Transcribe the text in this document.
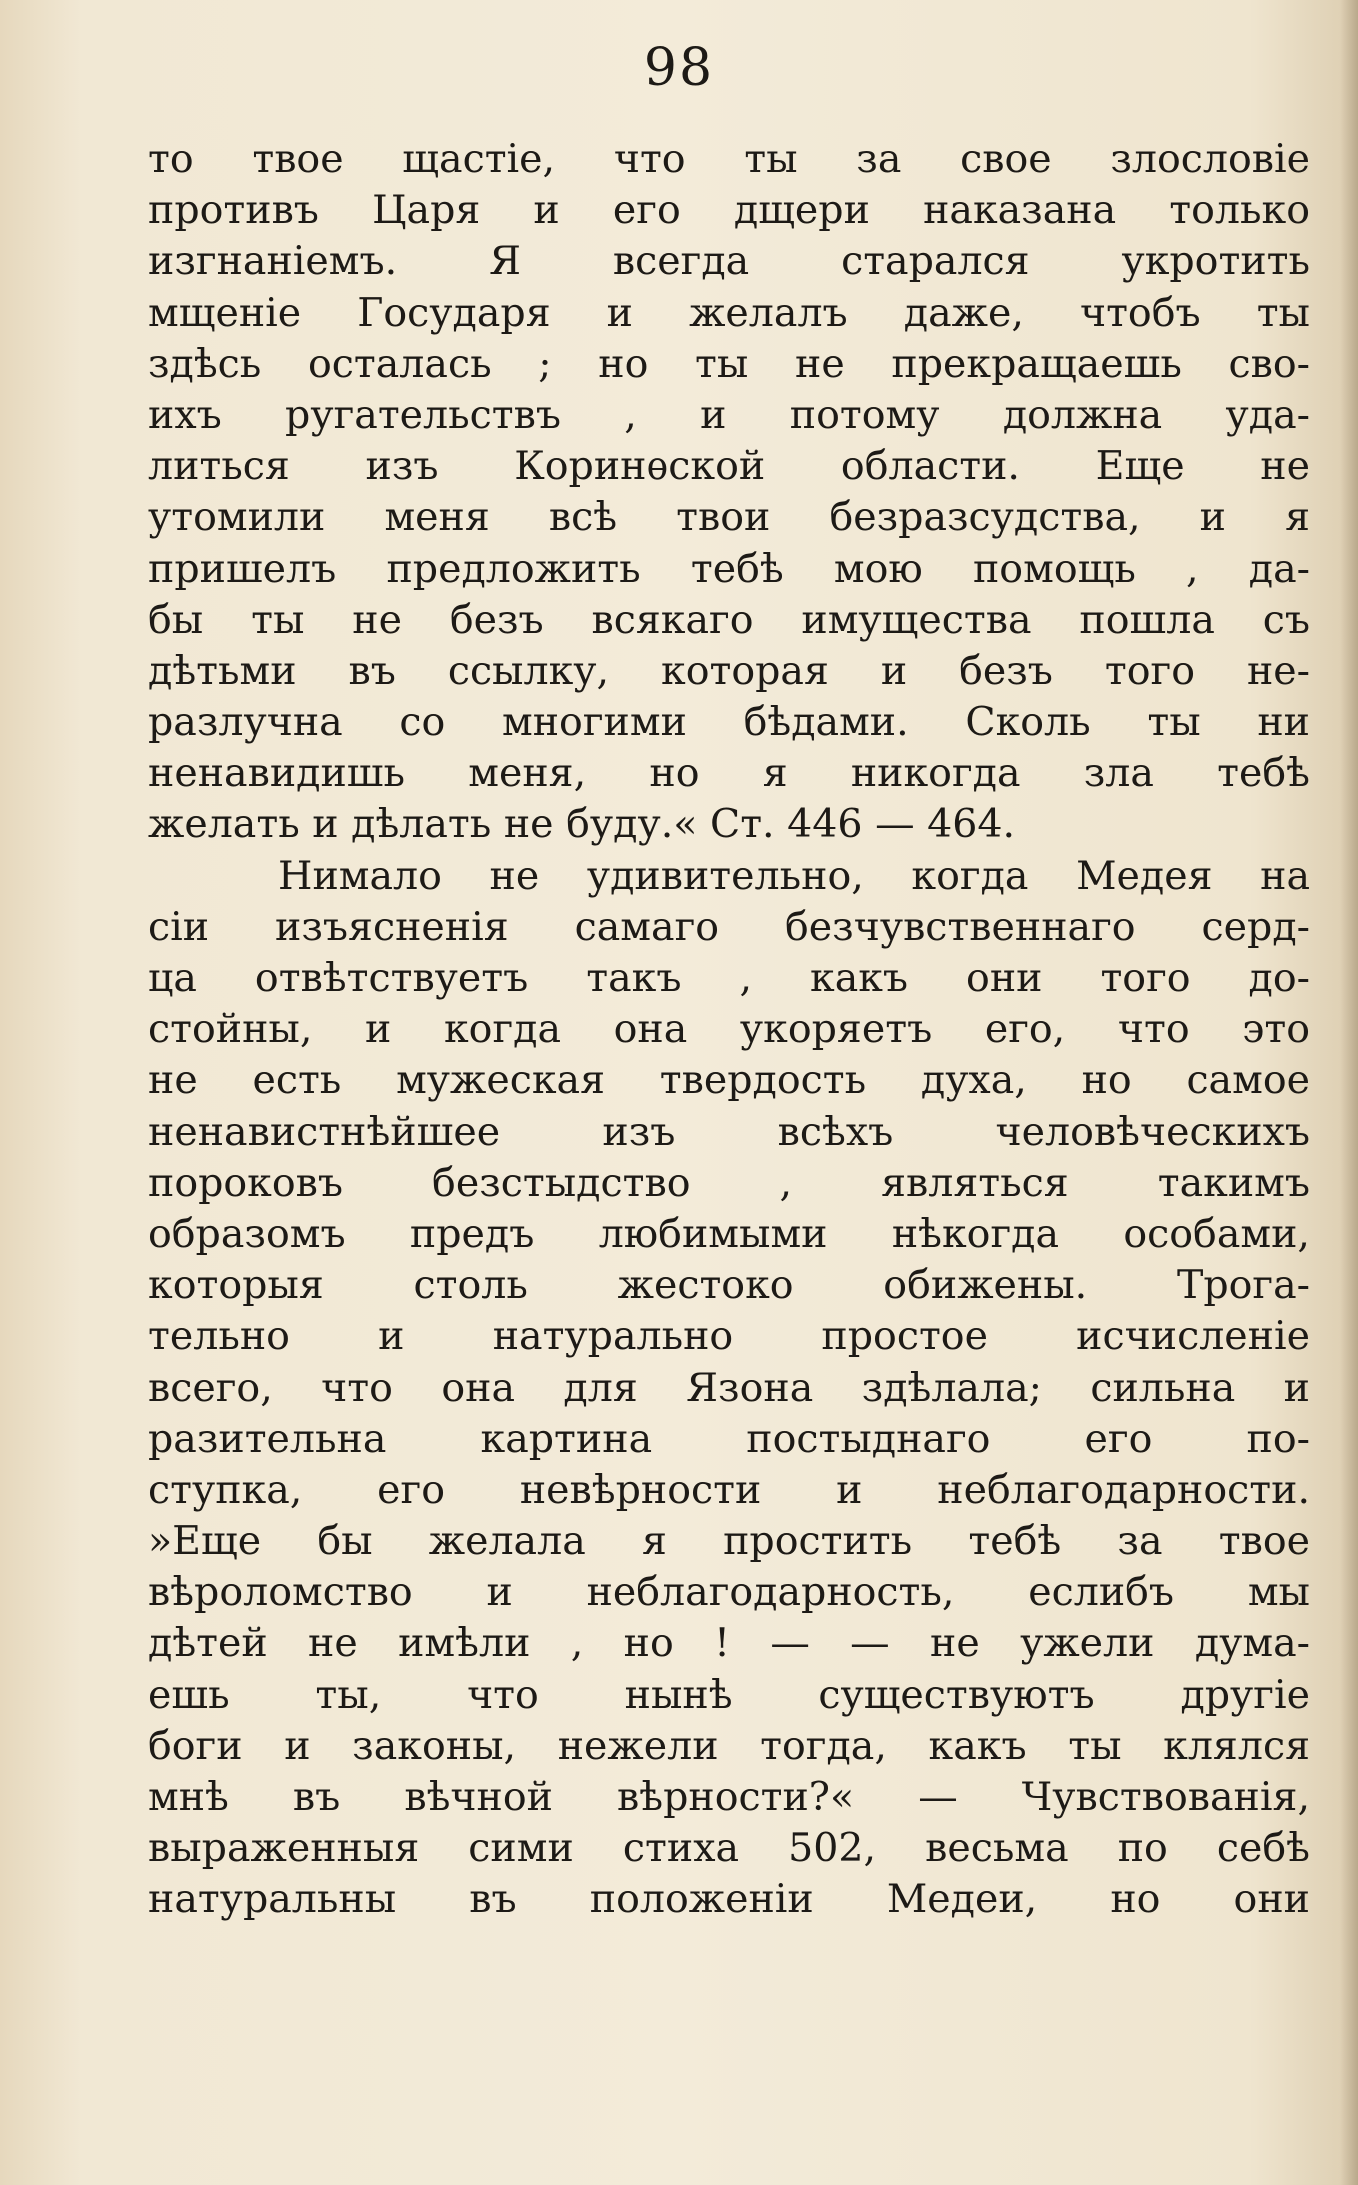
98
то твое щастіе, что ты за свое злословіе
противъ Царя и его дщери наказана только
изгнаніемъ. Я всегда старался укротить
мщеніе Государя и желалъ даже, чтобъ ты
здѣсь осталась ; но ты не прекращаешь сво-
ихъ ругательствъ , и потому должна уда-
литься изъ Коринѳской области. Еще не
утомили меня всѣ твои безразсудства, и я
пришелъ предложить тебѣ мою помощь , да-
бы ты не безъ всякаго имущества пошла съ
дѣтьми въ ссылку, которая и безъ того не-
разлучна со многими бѣдами. Сколь ты ни
ненавидишь меня, но я никогда зла тебѣ
желать и дѣлать не буду.« Ст. 446 — 464.
Нимало не удивительно, когда Медея на
сіи изъясненія самаго безчувственнаго серд-
ца отвѣтствуетъ такъ , какъ они того до-
стойны, и когда она укоряетъ его, что это
не есть мужеская твердость духа, но самое
ненавистнѣйшее изъ всѣхъ человѣческихъ
пороковъ безстыдство , являться такимъ
образомъ предъ любимыми нѣкогда особами,
которыя столь жестоко обижены. Трога-
тельно и натурально простое исчисленіе
всего, что она для Язона здѣлала; сильна и
разительна картина постыднаго его по-
ступка, его невѣрности и неблагодарности.
»Еще бы желала я простить тебѣ за твое
вѣроломство и неблагодарность, еслибъ мы
дѣтей не имѣли , но ! — — не ужели дума-
ешь ты, что нынѣ существуютъ другіе
боги и законы, нежели тогда, какъ ты клялся
мнѣ въ вѣчной вѣрности?« — Чувствованія,
выраженныя сими стиха 502, весьма по себѣ
натуральны въ положеніи Медеи, но они
